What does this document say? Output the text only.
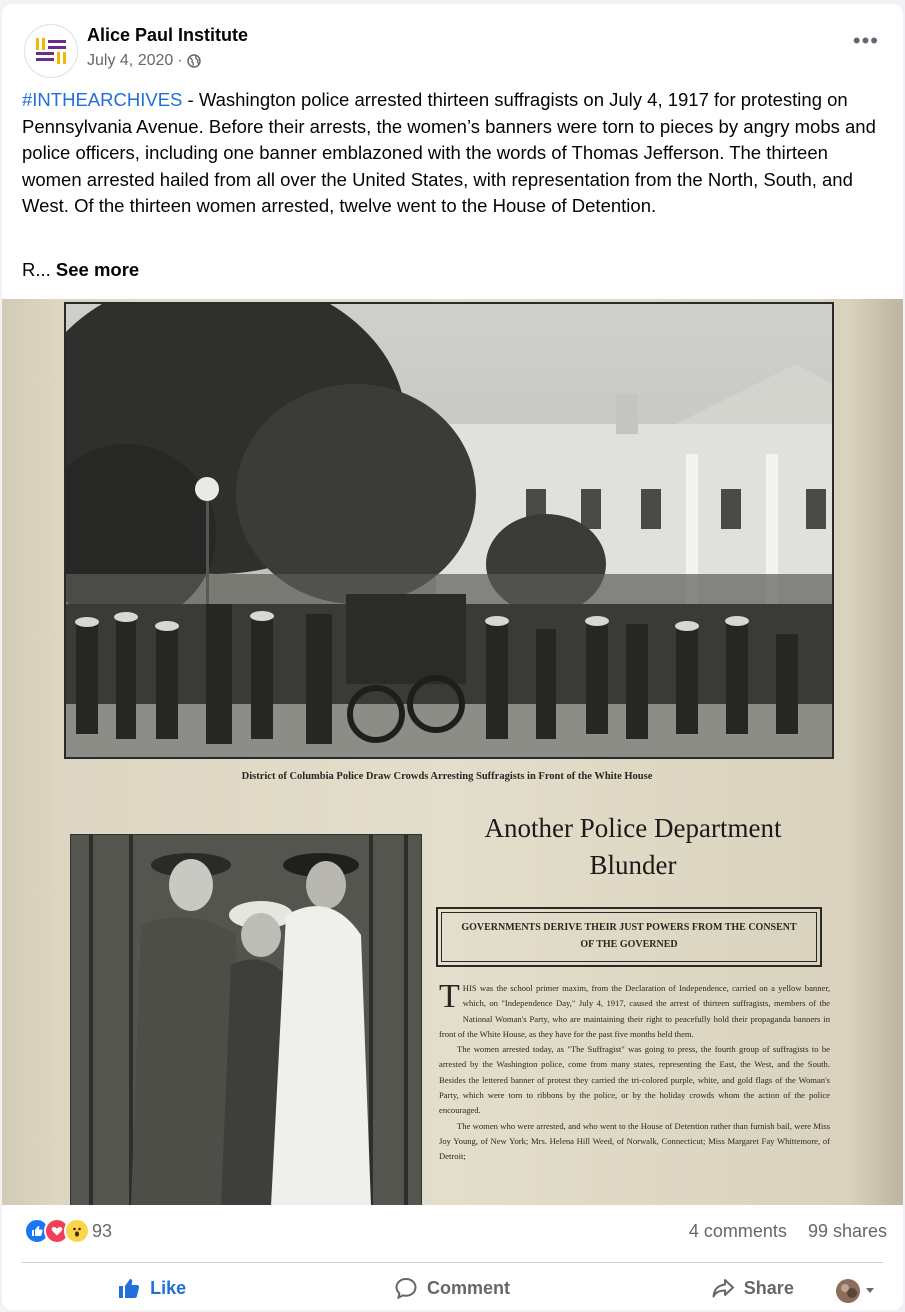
Alice Paul Institute
July 4, 2020 ·
•••
#INTHEARCHIVES - Washington police arrested thirteen suffragists on July 4, 1917 for protesting on Pennsylvania Avenue. Before their arrests, the women’s banners were torn to pieces by angry mobs and police officers, including one banner emblazoned with the words of Thomas Jefferson. The thirteen women arrested hailed from all over the United States, with representation from the North, South, and West. Of the thirteen women arrested, twelve went to the House of Detention.
R... See more
District of Columbia Police Draw Crowds Arresting Suffragists in Front of the White House
Another Police Department
Blunder
GOVERNMENTS DERIVE THEIR JUST POWERS FROM THE CONSENT
OF THE GOVERNED

THIS was the school primer maxim, from the Declaration of Independence, carried on a yellow banner, which, on "Independence Day," July 4, 1917, caused the arrest of thirteen suffragists, members of the National Woman's Party, who are maintaining their right to peacefully hold their propaganda banners in front of the White House, as they have for the past five months held them.

The women arrested today, as "The Suffragist" was going to press, the fourth group of suffragists to be arrested by the Washington police, come from many states, representing the East, the West, and the South. Besides the lettered banner of protest they carried the tri-colored purple, white, and gold flags of the Woman's Party, which were torn to ribbons by the police, or by the holiday crowds whom the action of the police encouraged.

The women who were arrested, and who went to the House of Detention rather than furnish bail, were Miss Joy Young, of New York; Mrs. Helena Hill Weed, of Norwalk, Connecticut; Miss Margaret Fay Whittemore, of Detroit;

93	4 comments 99 shares
Like	Comment	Share
